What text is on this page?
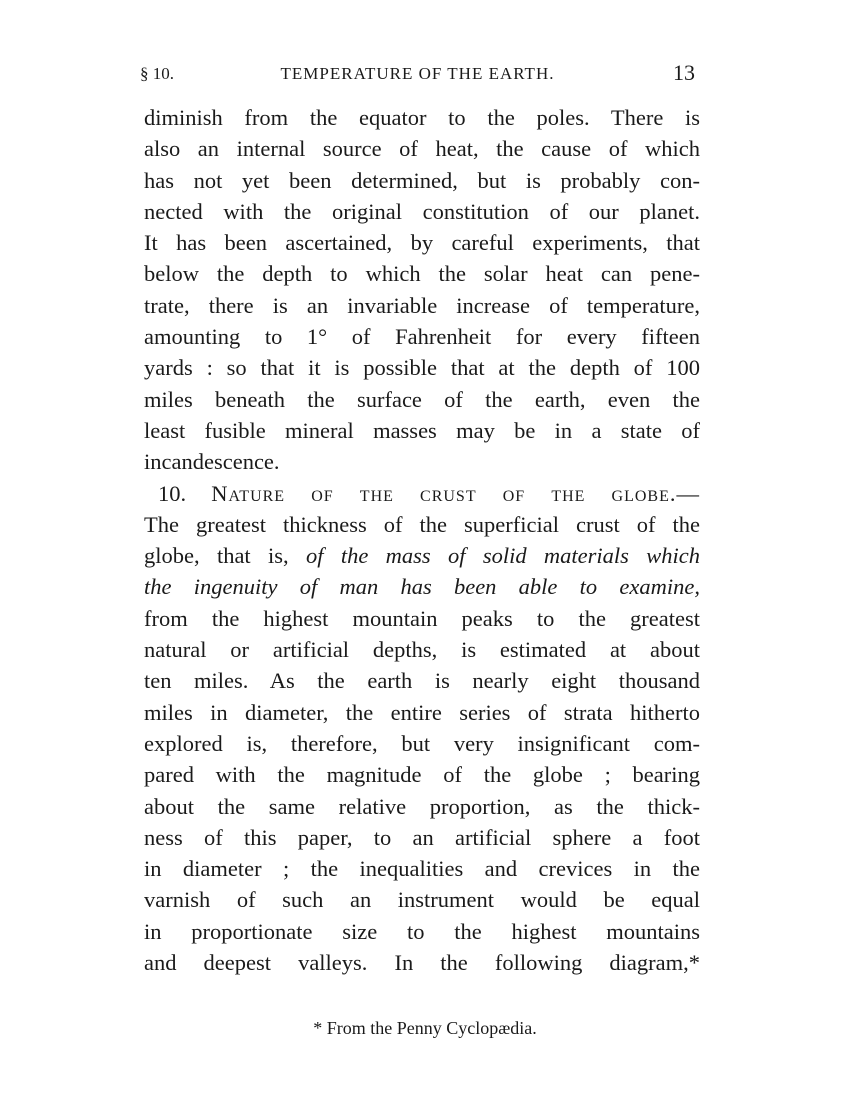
§ 10.	TEMPERATURE OF THE EARTH.	13
diminish from the equator to the poles. There is
also an internal source of heat, the cause of which
has not yet been determined, but is probably con-
nected with the original constitution of our planet.
It has been ascertained, by careful experiments, that
below the depth to which the solar heat can pene-
trate, there is an invariable increase of temperature,
amounting to 1° of Fahrenheit for every fifteen
yards : so that it is possible that at the depth of 100
miles beneath the surface of the earth, even the
least fusible mineral masses may be in a state of
incandescence.
10. Nature of the crust of the globe.—
The greatest thickness of the superficial crust of the
globe, that is, of the mass of solid materials which
the ingenuity of man has been able to examine,
from the highest mountain peaks to the greatest
natural or artificial depths, is estimated at about
ten miles. As the earth is nearly eight thousand
miles in diameter, the entire series of strata hitherto
explored is, therefore, but very insignificant com-
pared with the magnitude of the globe ; bearing
about the same relative proportion, as the thick-
ness of this paper, to an artificial sphere a foot
in diameter ; the inequalities and crevices in the
varnish of such an instrument would be equal
in proportionate size to the highest mountains
and deepest valleys. In the following diagram,*
* From the Penny Cyclopædia.
